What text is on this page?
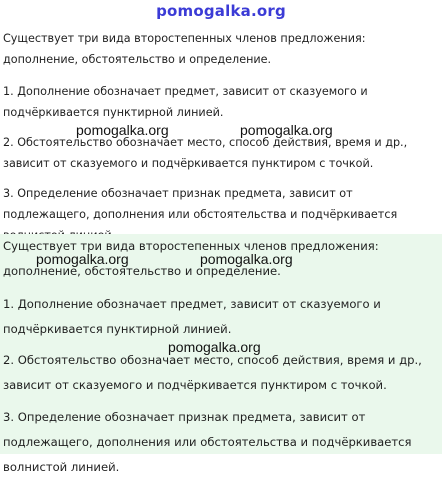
pomogalka.org

Существует три вида второстепенных членов предложения: дополнение, обстоятельство и определение.

1. Дополнение обозначает предмет, зависит от сказуемого и подчёркивается пунктирной линией.

2. Обстоятельство обозначает место, способ действия, время и др., зависит от сказуемого и подчёркивается пунктиром с точкой.

3. Определение обозначает признак предмета, зависит от подлежащего, дополнения или обстоятельства и подчёркивается

Существует три вида второстепенных членов предложения: дополнение, обстоятельство и определение.

1. Дополнение обозначает предмет, зависит от сказуемого и подчёркивается пунктирной линией.

2. Обстоятельство обозначает место, способ действия, время и др., зависит от сказуемого и подчёркивается пунктиром с точкой.

3. Определение обозначает признак предмета, зависит от подлежащего, дополнения или обстоятельства и подчёркивается волнистой линией.

pomogalka.org	pomogalka.org
pomogalka.org	pomogalka.org
pomogalka.org
